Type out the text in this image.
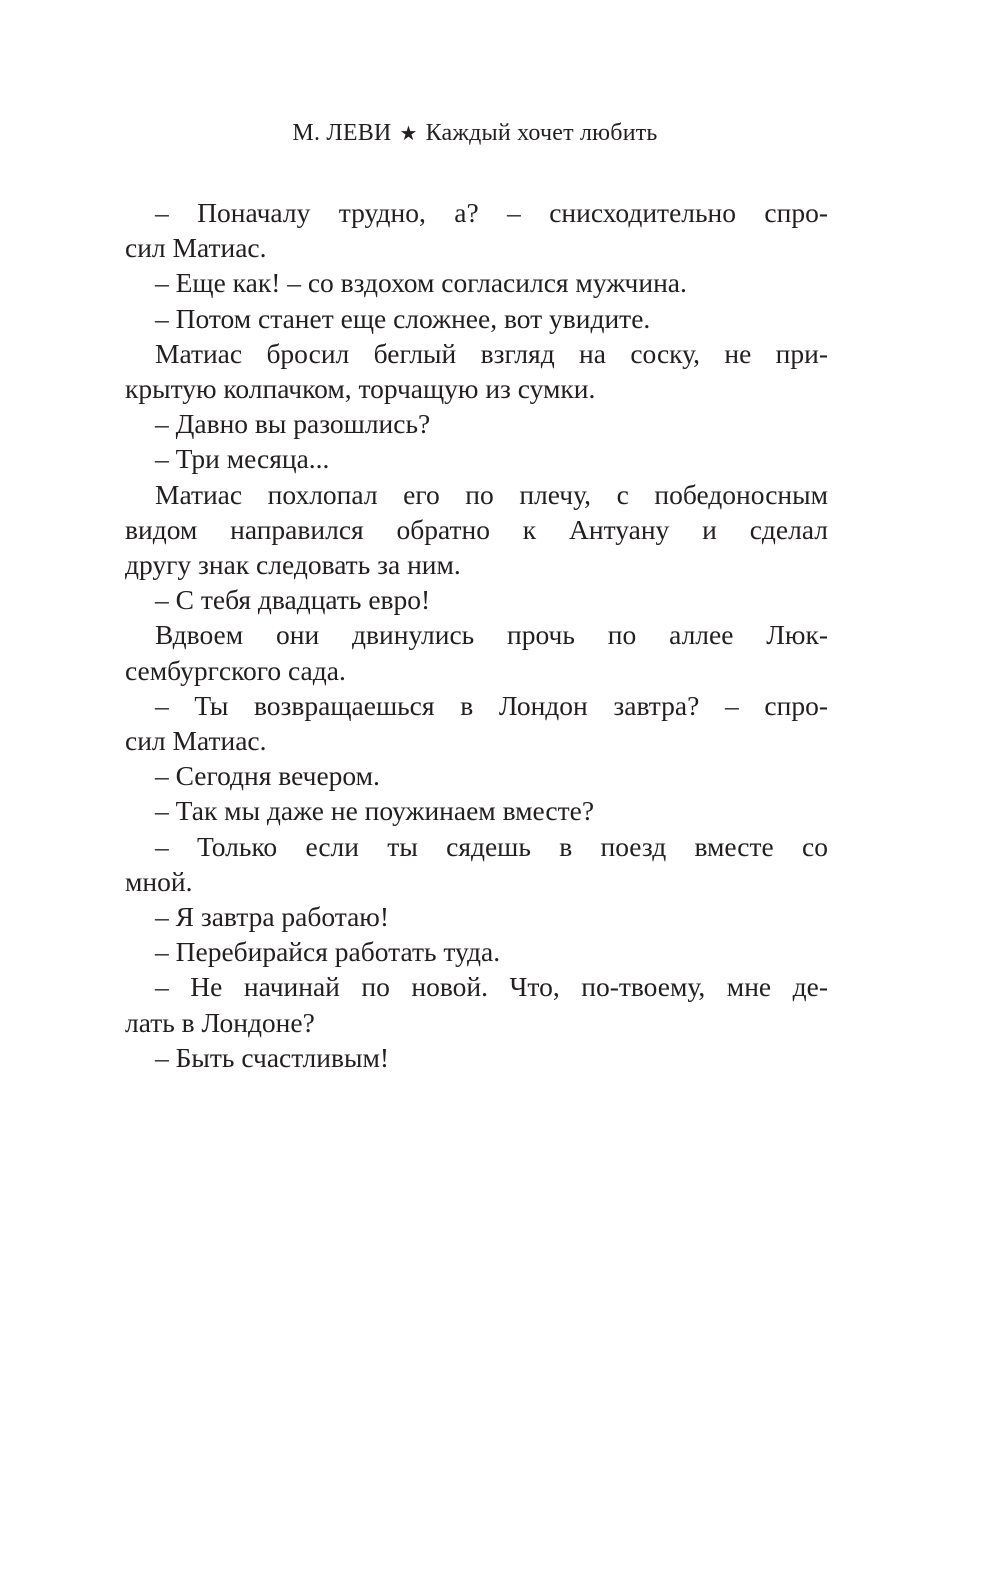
М. ЛЕВИ ★ Каждый хочет любить
– Поначалу трудно, а? – снисходительно спро-
сил Матиас.
– Еще как! – со вздохом согласился мужчина.
– Потом станет еще сложнее, вот увидите.
Матиас бросил беглый взгляд на соску, не при-
крытую колпачком, торчащую из сумки.
– Давно вы разошлись?
– Три месяца...
Матиас похлопал его по плечу, с победоносным
видом направился обратно к Антуану и сделал
другу знак следовать за ним.
– С тебя двадцать евро!
Вдвоем они двинулись прочь по аллее Люк-
сембургского сада.
– Ты возвращаешься в Лондон завтра? – спро-
сил Матиас.
– Сегодня вечером.
– Так мы даже не поужинаем вместе?
– Только если ты сядешь в поезд вместе со
мной.
– Я завтра работаю!
– Перебирайся работать туда.
– Не начинай по новой. Что, по-твоему, мне де-
лать в Лондоне?
– Быть счастливым!
